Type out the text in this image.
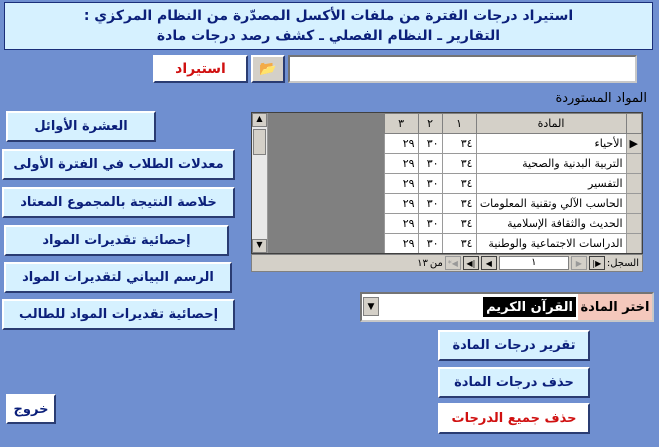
استيراد درجات الفترة من ملفات الأكسل المصدّرة من النظام المركزي :
التقارير ـ النظام الفصلي ـ كشف رصد درجات مادة
استيراد	📂
المواد المستوردة
	المادة	١	٢	٣
▶	الأحياء	٣٤	٣٠	٢٩
	التربية البدنية والصحية	٣٤	٣٠	٢٩
	التفسير	٣٤	٣٠	٢٩
	الحاسب الآلي وتقنية المعلومات	٣٤	٣٠	٢٩
	الحديث والثقافة الإسلامية	٣٤	٣٠	٢٩
	الدراسات الاجتماعية والوطنية	٣٤	٣٠	٢٩
▲
▼
السجل:
▶|
▶
١
◀
|◀
◀*
من
١٣
العشرة الأوائل
معدلات الطلاب في الفترة الأولى
خلاصة النتيجة بالمجموع المعتاد
إحصائية تقديرات المواد
الرسم البياني لتقديرات المواد
إحصائية تقديرات المواد للطالب	اختر المادة
القرآن الكريم
▼
تقرير درجات المادة
حذف درجات المادة
حذف جميع الدرجات
خروج
